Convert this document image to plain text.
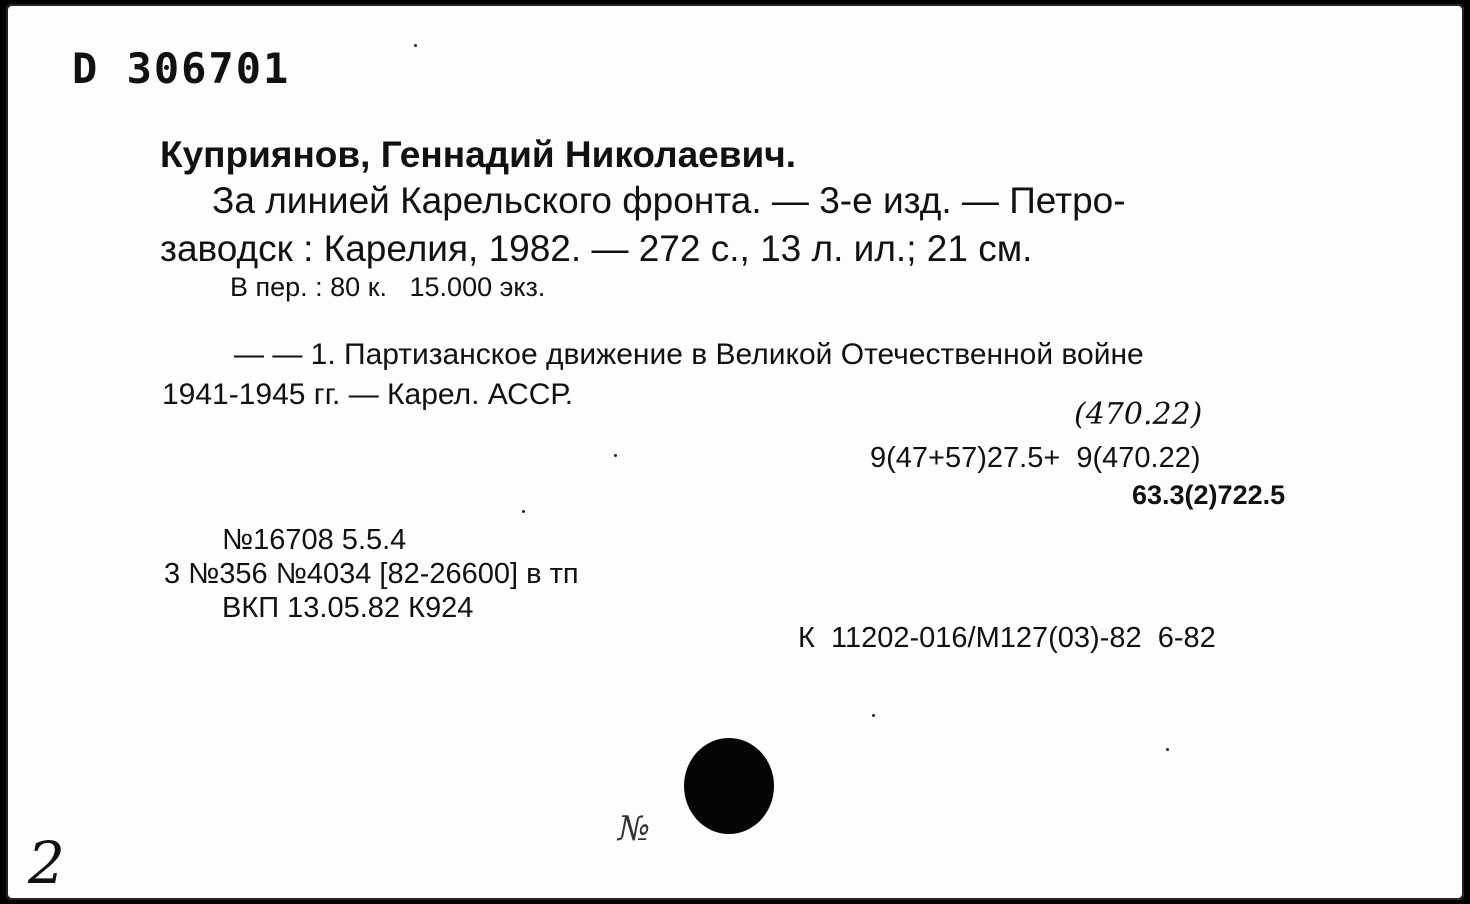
D 306701
Куприянов, Геннадий Николаевич.
За линией Карельского фронта. — 3-е изд. — Петро-
заводск : Карелия, 1982. — 272 с., 13 л. ил.; 21 см.
В пер. : 80 к.   15.000 экз.
— — 1. Партизанское движение в Великой Отечественной войне
1941-1945 гг. — Карел. АССР.
(470.22)
9(47+57)27.5+  9(470.22)
63.3(2)722.5
№16708 5.5.4
3 №356 №4034 [82-26600] в тп
ВКП 13.05.82 К924
К  11202-016/М127(03)-82  6-82
2	№
